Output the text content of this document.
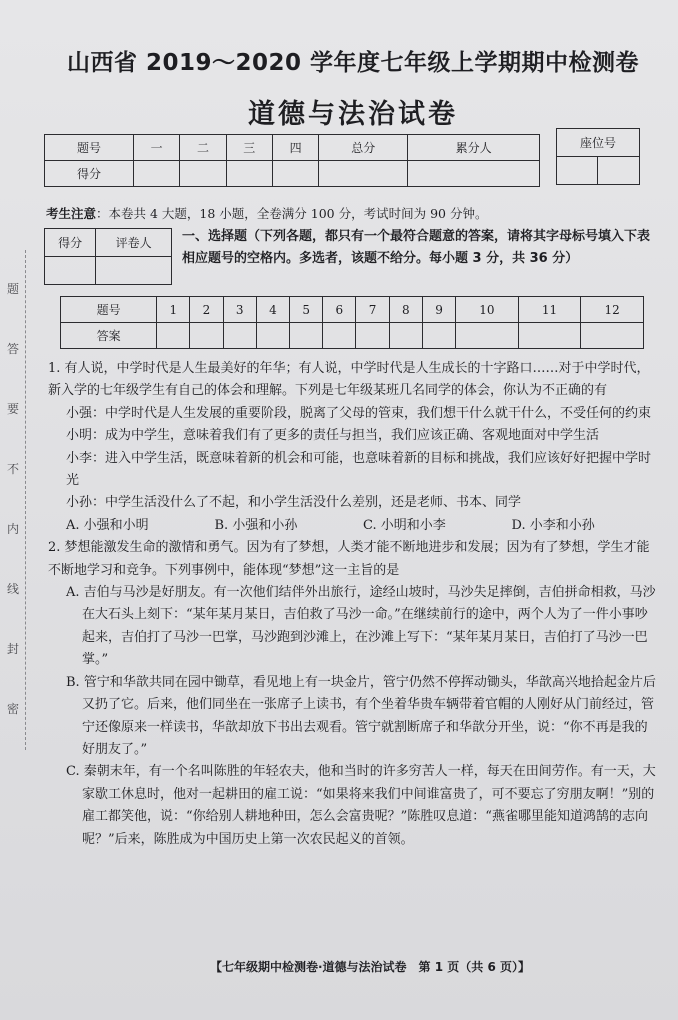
题
答
要
不
内
线
封
密
山西省 2019～2020 学年度七年级上学期期中检测卷
道德与法治试卷
题号	一	二	三	四	总分	累分人
得分						
座位号

考生注意：本卷共 4 大题，18 小题，全卷满分 100 分，考试时间为 90 分钟。
得分	评卷人
	一、选择题（下列各题，都只有一个最符合题意的答案，请将其字母标号填入下表相应题号的空格内。多选者，该题不给分。每小题 3 分，共 36 分）
题号	1	2	3	4	5	6	7	8	9	10	11	12
答案												
1. 有人说，中学时代是人生最美好的年华；有人说，中学时代是人生成长的十字路口……对于中学时代，新入学的七年级学生有自己的体会和理解。下列是七年级某班几名同学的体会，你认为不正确的有
小强：中学时代是人生发展的重要阶段，脱离了父母的管束，我们想干什么就干什么，不受任何的约束
小明：成为中学生，意味着我们有了更多的责任与担当，我们应该正确、客观地面对中学生活
小李：进入中学生活，既意味着新的机会和可能，也意味着新的目标和挑战，我们应该好好把握中学时光
小孙：中学生活没什么了不起，和小学生活没什么差别，还是老师、书本、同学
A. 小强和小明	B. 小强和小孙	C. 小明和小李	D. 小李和小孙
2. 梦想能激发生命的激情和勇气。因为有了梦想，人类才能不断地进步和发展；因为有了梦想，学生才能不断地学习和竞争。下列事例中，能体现“梦想”这一主旨的是
A. 吉伯与马沙是好朋友。有一次他们结伴外出旅行，途经山坡时，马沙失足摔倒，吉伯拼命相救，马沙在大石头上刻下：“某年某月某日，吉伯救了马沙一命。”在继续前行的途中，两个人为了一件小事吵起来，吉伯打了马沙一巴掌，马沙跑到沙滩上，在沙滩上写下：“某年某月某日，吉伯打了马沙一巴掌。”
B. 管宁和华歆共同在园中锄草，看见地上有一块金片，管宁仍然不停挥动锄头，华歆高兴地拾起金片后又扔了它。后来，他们同坐在一张席子上读书，有个坐着华贵车辆带着官帽的人刚好从门前经过，管宁还像原来一样读书，华歆却放下书出去观看。管宁就割断席子和华歆分开坐，说：“你不再是我的好朋友了。”
C. 秦朝末年，有一个名叫陈胜的年轻农夫，他和当时的许多穷苦人一样，每天在田间劳作。有一天，大家歇工休息时，他对一起耕田的雇工说：“如果将来我们中间谁富贵了，可不要忘了穷朋友啊！”别的雇工都笑他，说：“你给别人耕地种田，怎么会富贵呢？”陈胜叹息道：“燕雀哪里能知道鸿鹄的志向呢？”后来，陈胜成为中国历史上第一次农民起义的首领。
【七年级期中检测卷·道德与法治试卷　第 1 页（共 6 页）】
